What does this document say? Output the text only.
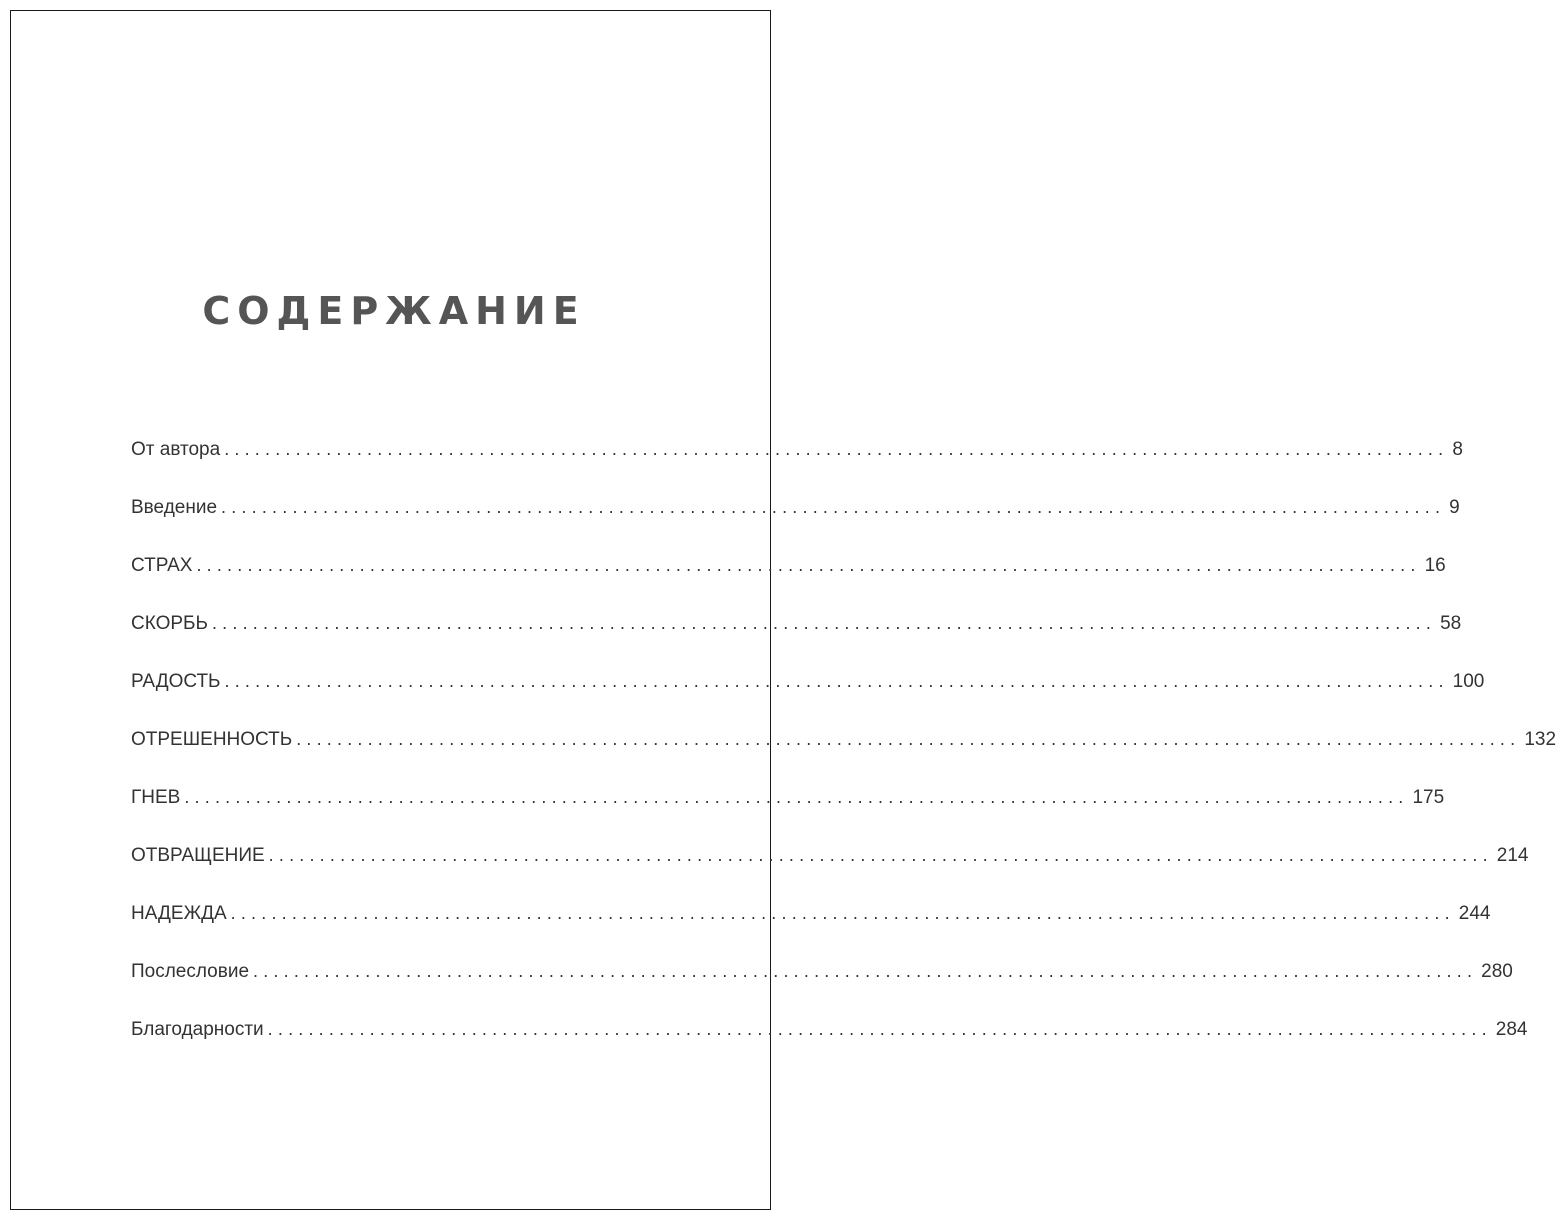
СОДЕРЖАНИЕ
От автора ........................................................................................................................ 8
Введение ........................................................................................................................ 9
СТРАХ ........................................................................................................................ 16
СКОРБЬ ........................................................................................................................ 58
РАДОСТЬ ........................................................................................................................ 100
ОТРЕШЕННОСТЬ ........................................................................................................................ 132
ГНЕВ ........................................................................................................................ 175
ОТВРАЩЕНИЕ ........................................................................................................................ 214
НАДЕЖДА ........................................................................................................................ 244
Послесловие ........................................................................................................................ 280
Благодарности ........................................................................................................................ 284
